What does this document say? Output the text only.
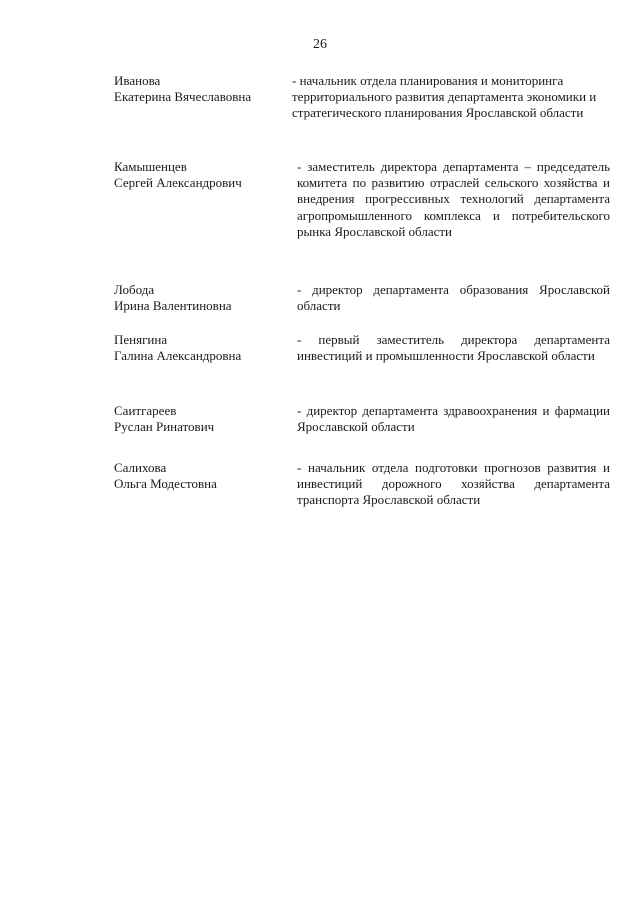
26
Иванова
Екатерина Вячеславовна
- начальник отдела планирования и мониторинга территориального развития департамента экономики и стратегического планирования Ярославской области
Камышенцев
Сергей Александрович
- заместитель директора департамента – председатель комитета по развитию отраслей сельского хозяйства и внедрения прогрессивных технологий департамента агропромышленного комплекса и потребительского рынка Ярославской области
Лобода
Ирина Валентиновна
- директор департамента образования Ярославской области
Пенягина
Галина Александровна
- первый заместитель директора департамента инвестиций и промышленности Ярославской области
Саитгареев
Руслан Ринатович
- директор департамента здравоохранения и фармации Ярославской области
Салихова
Ольга Модестовна
- начальник отдела подготовки прогнозов развития и инвестиций дорожного хозяйства департамента транспорта Ярославской области
